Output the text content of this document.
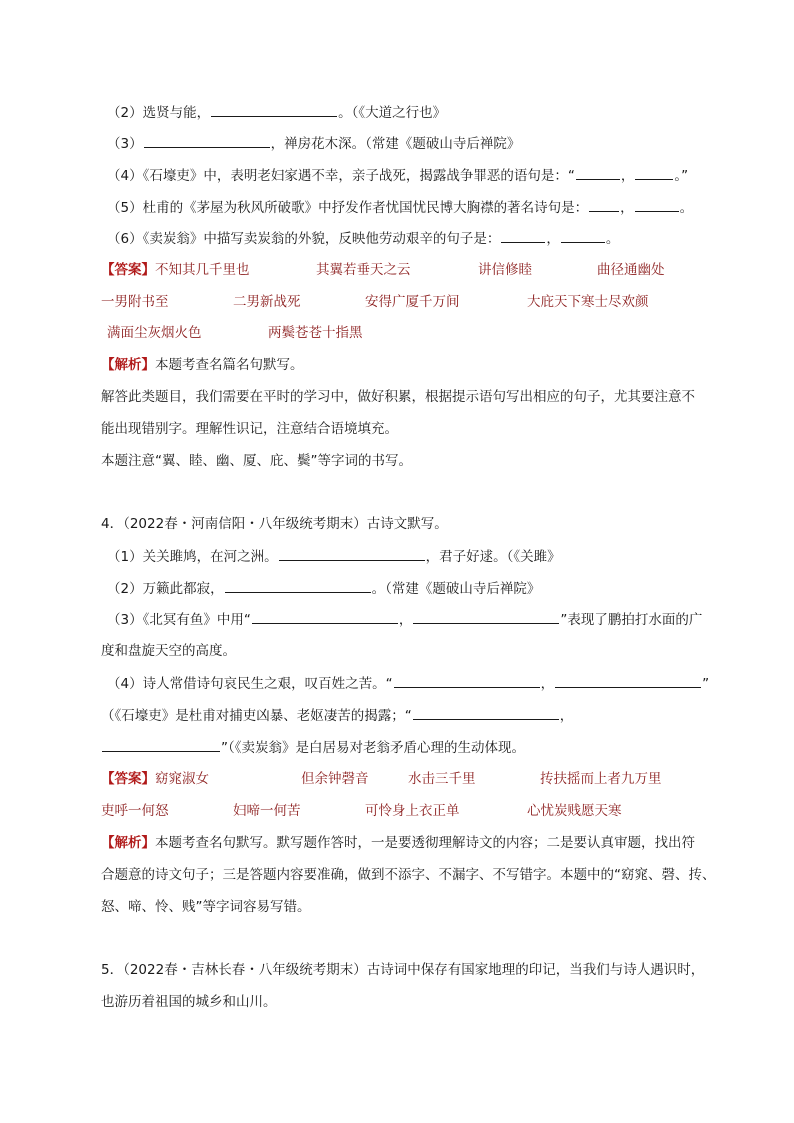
（2）选贤与能，	。（《大道之行也》
（3）	，禅房花木深。（常建《题破山寺后禅院》
（4）《石壕吏》中，表明老妇家遇不幸，亲子战死，揭露战争罪恶的语句是：“	，	。”
（5）杜甫的《茅屋为秋风所破歌》中抒发作者忧国忧民博大胸襟的著名诗句是： ，	。
（6）《卖炭翁》中描写卖炭翁的外貌，反映他劳动艰辛的句子是：	，	。
【答案】 不知其几千里也	其翼若垂天之云	讲信修睦	曲径通幽处
一男附书至	二男新战死	安得广厦千万间	大庇天下寒士尽欢颜
满面尘灰烟火色	两鬓苍苍十指黑
【解析】本题考查名篇名句默写。
解答此类题目，我们需要在平时的学习中，做好积累，根据提示语句写出相应的句子，尤其要注意不
能出现错别字。理解性识记，注意结合语境填充。
本题注意“翼、睦、幽、厦、庇、鬓”等字词的书写。
4．（2022春・河南信阳・八年级统考期末）古诗文默写。
（1）关关雎鸠，在河之洲。	，君子好逑。（《关雎》
（2）万籁此都寂，	。（常建《题破山寺后禅院》
（3）《北冥有鱼》中用“	，	”表现了鹏拍打水面的广
度和盘旋天空的高度。
（4）诗人常借诗句哀民生之艰，叹百姓之苦。“	，	”
（《石壕吏》是杜甫对捕吏凶暴、老妪凄苦的揭露；“	，
”（《卖炭翁》是白居易对老翁矛盾心理的生动体现。
【答案】 窈窕淑女	但余钟磬音	水击三千里	抟扶摇而上者九万里
吏呼一何怒	妇啼一何苦	可怜身上衣正单	心忧炭贱愿天寒
【解析】本题考查名句默写。默写题作答时，一是要透彻理解诗文的内容；二是要认真审题，找出符
合题意的诗文句子；三是答题内容要准确，做到不添字、不漏字、不写错字。本题中的“窈窕、磬、抟、
怒、啼、怜、贱”等字词容易写错。
5．（2022春・吉林长春・八年级统考期末）古诗词中保存有国家地理的印记，当我们与诗人遇识时，
也游历着祖国的城乡和山川。
